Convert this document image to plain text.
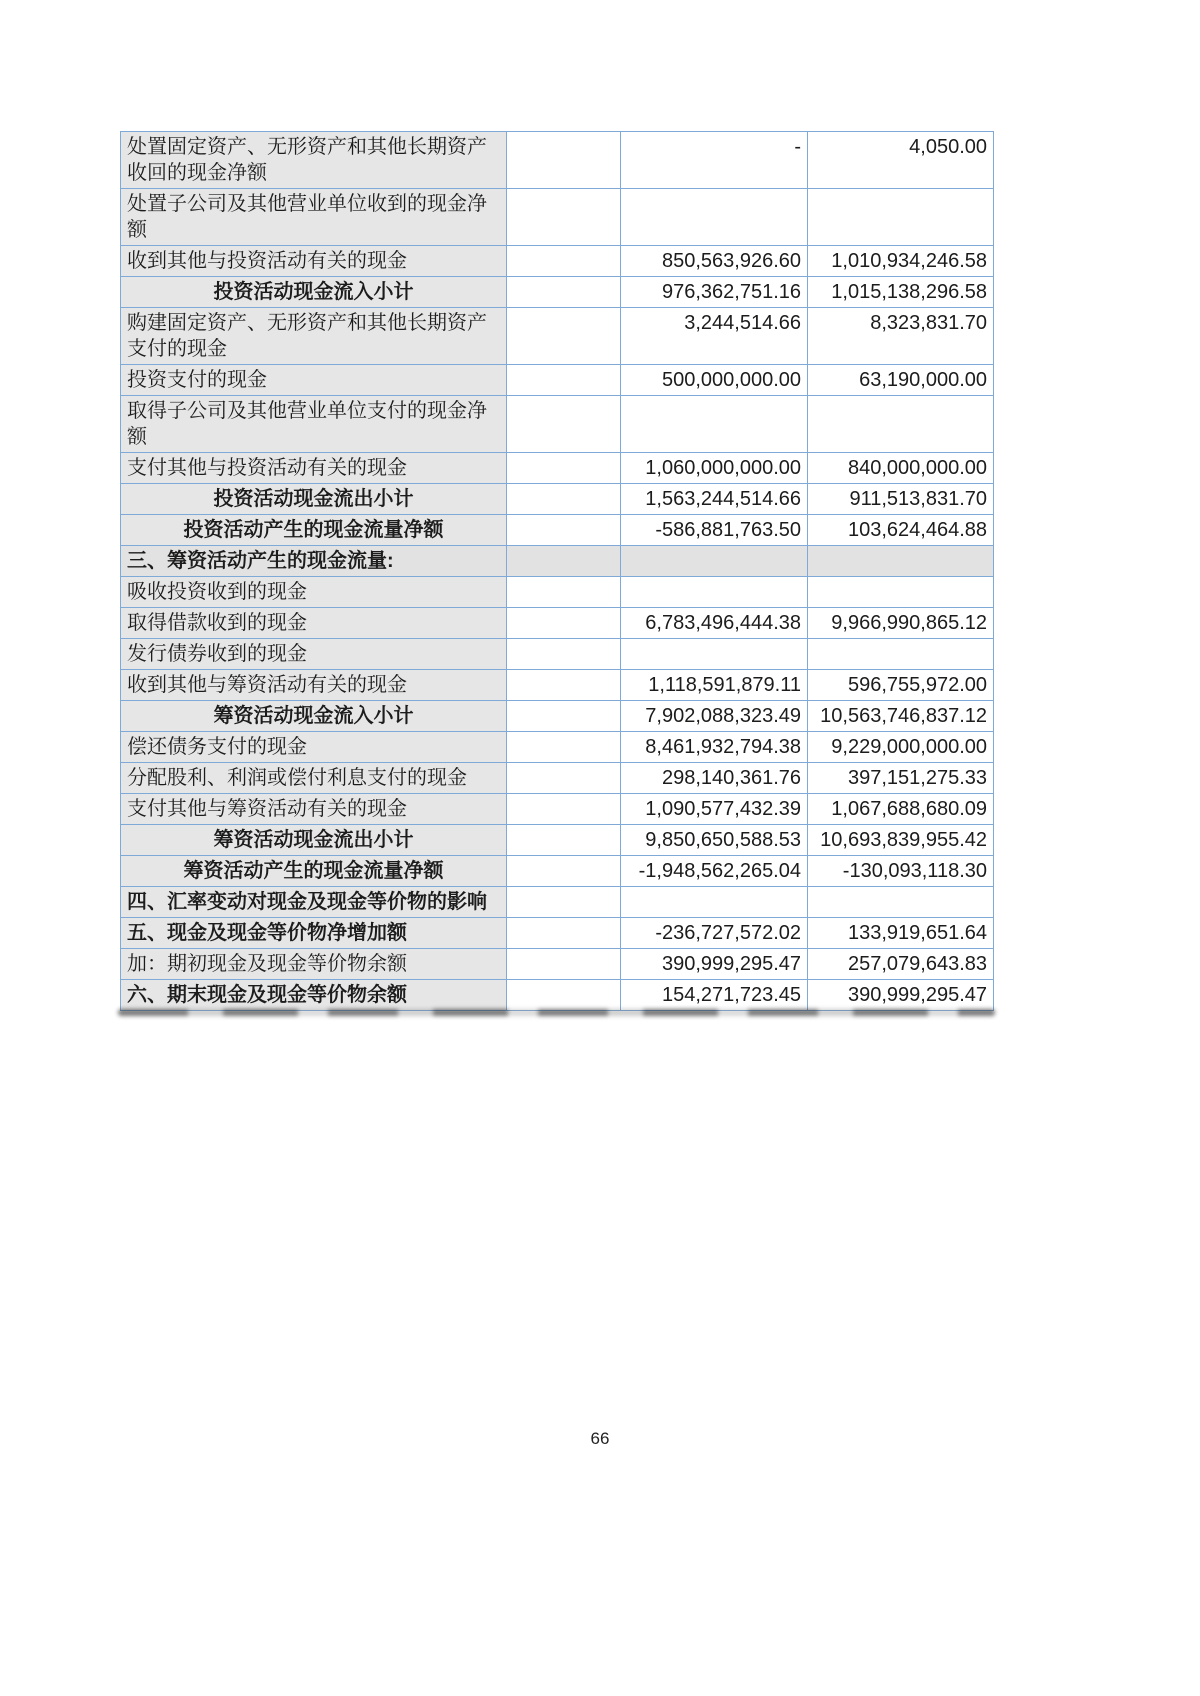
处置固定资产、无形资产和其他长期资产收回的现金净额		-	4,050.00
处置子公司及其他营业单位收到的现金净额			
收到其他与投资活动有关的现金		850,563,926.60	1,010,934,246.58
投资活动现金流入小计		976,362,751.16	1,015,138,296.58
购建固定资产、无形资产和其他长期资产支付的现金		3,244,514.66	8,323,831.70
投资支付的现金		500,000,000.00	63,190,000.00
取得子公司及其他营业单位支付的现金净额			
支付其他与投资活动有关的现金		1,060,000,000.00	840,000,000.00
投资活动现金流出小计		1,563,244,514.66	911,513,831.70
投资活动产生的现金流量净额		-586,881,763.50	103,624,464.88
三、筹资活动产生的现金流量:			
吸收投资收到的现金			
取得借款收到的现金		6,783,496,444.38	9,966,990,865.12
发行债券收到的现金			
收到其他与筹资活动有关的现金		1,118,591,879.11	596,755,972.00
筹资活动现金流入小计		7,902,088,323.49	10,563,746,837.12
偿还债务支付的现金		8,461,932,794.38	9,229,000,000.00
分配股利、利润或偿付利息支付的现金		298,140,361.76	397,151,275.33
支付其他与筹资活动有关的现金		1,090,577,432.39	1,067,688,680.09
筹资活动现金流出小计		9,850,650,588.53	10,693,839,955.42
筹资活动产生的现金流量净额		-1,948,562,265.04	-130,093,118.30
四、汇率变动对现金及现金等价物的影响			
五、现金及现金等价物净增加额		-236,727,572.02	133,919,651.64
加：期初现金及现金等价物余额		390,999,295.47	257,079,643.83
六、期末现金及现金等价物余额		154,271,723.45	390,999,295.47
66
